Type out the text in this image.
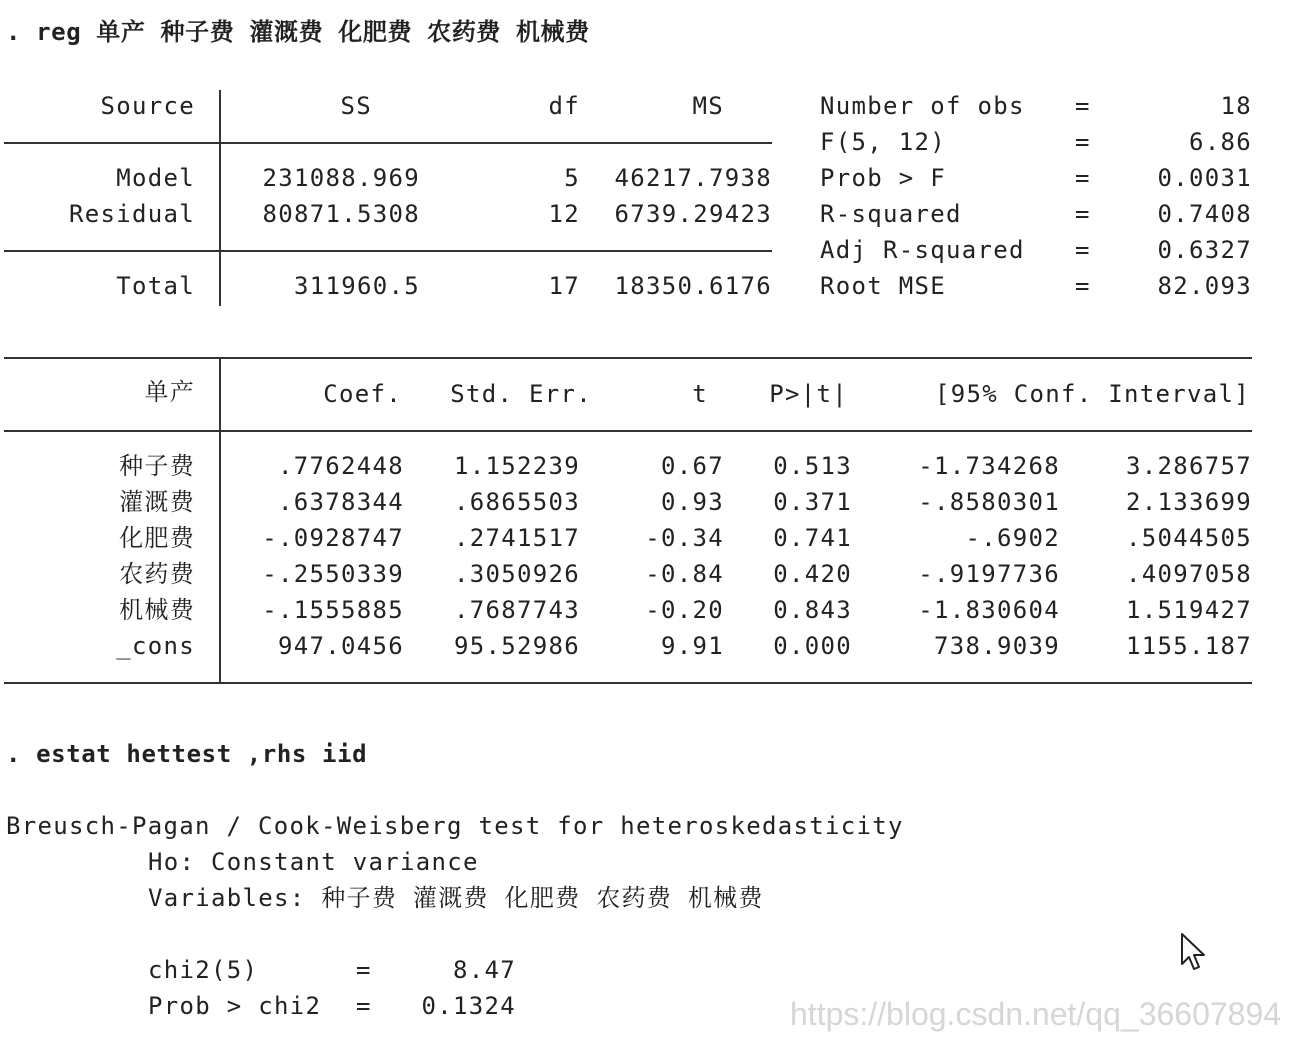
. reg 单产 种子费 灌溉费 化肥费 农药费 机械费
Source	SS	df	MS
Model	231088.969	5	46217.7938
Residual	80871.5308	12	6739.29423
Total	311960.5	17	18350.6176
Number of obs =	18
F(5, 12)	=	6.86
Prob > F	=	0.0031
R-squared	=	0.7408
Adj R-squared =	0.6327
Root MSE	=	82.093
单产	Coef.	Std. Err.	t	P>|t|	[95% Conf. Interval]
种子费	.7762448	1.152239	0.67	0.513	-1.734268	3.286757
灌溉费	.6378344	.6865503	0.93	0.371	-.8580301	2.133699
化肥费	-.0928747	.2741517	-0.34	0.741	-.6902	.5044505
农药费	-.2550339	.3050926	-0.84	0.420	-.9197736	.4097058
机械费	-.1555885	.7687743	-0.20	0.843	-1.830604	1.519427
_cons	947.0456	95.52986	9.91	0.000	738.9039	1155.187
. estat hettest ,rhs iid
Breusch-Pagan / Cook-Weisberg test for heteroskedasticity
Ho: Constant variance
Variables: 种子费 灌溉费 化肥费 农药费 机械费
chi2(5)	=	8.47
Prob > chi2 =	0.1324	https://blog.csdn.net/qq_36607894
